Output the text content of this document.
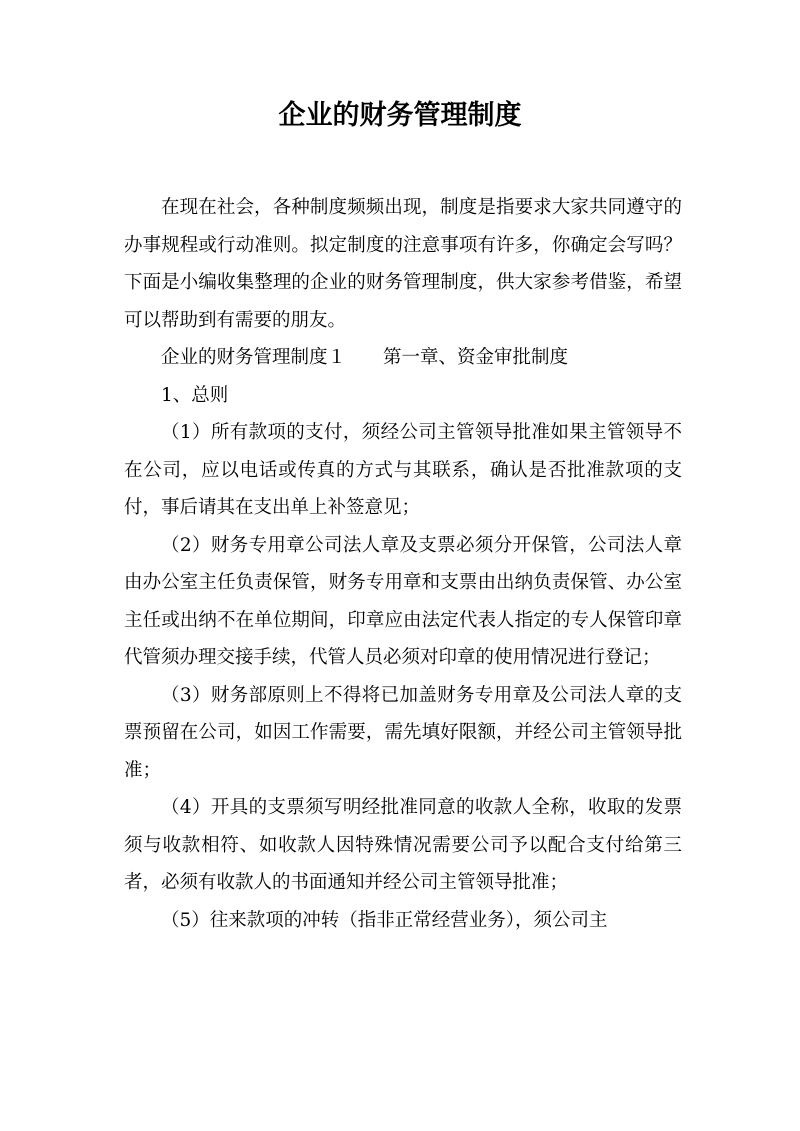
企业的财务管理制度

在现在社会，各种制度频频出现，制度是指要求大家共同遵守的办事规程或行动准则。拟定制度的注意事项有许多，你确定会写吗？下面是小编收集整理的企业的财务管理制度，供大家参考借鉴，希望可以帮助到有需要的朋友。

企业的财务管理制度１　　第一章、资金审批制度

1、总则

（1）所有款项的支付，须经公司主管领导批准如果主管领导不在公司，应以电话或传真的方式与其联系，确认是否批准款项的支付，事后请其在支出单上补签意见；

（2）财务专用章公司法人章及支票必须分开保管，公司法人章由办公室主任负责保管，财务专用章和支票由出纳负责保管、办公室主任或出纳不在单位期间，印章应由法定代表人指定的专人保管印章代管须办理交接手续，代管人员必须对印章的使用情况进行登记；

（3）财务部原则上不得将已加盖财务专用章及公司法人章的支票预留在公司，如因工作需要，需先填好限额，并经公司主管领导批准；

（4）开具的支票须写明经批准同意的收款人全称，收取的发票须与收款相符、如收款人因特殊情况需要公司予以配合支付给第三者，必须有收款人的书面通知并经公司主管领导批准；

（5）往来款项的冲转（指非正常经营业务），须公司主
